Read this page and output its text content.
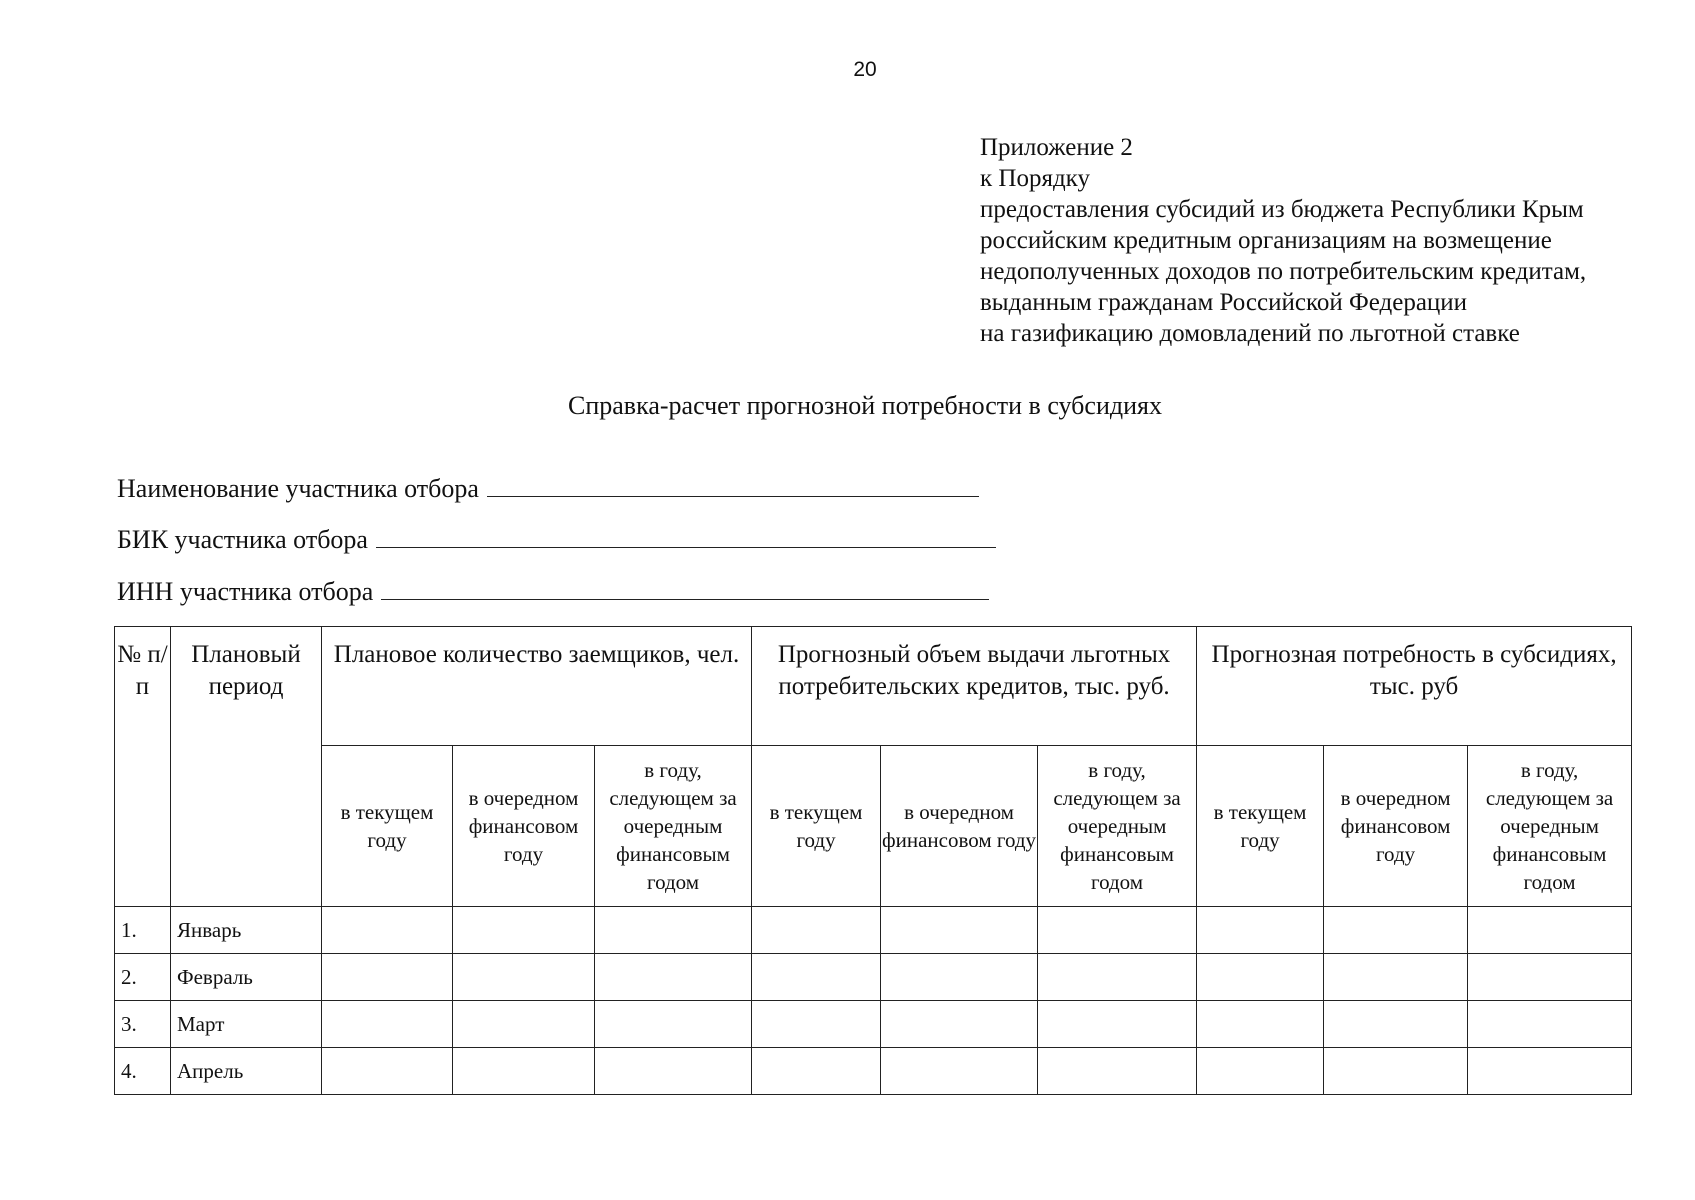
20
Приложение 2
к Порядку
предоставления субсидий из бюджета Республики Крым
российским кредитным организациям на возмещение
недополученных доходов по потребительским кредитам,
выданным гражданам Российской Федерации
на газификацию домовладений по льготной ставке
Справка-расчет прогнозной потребности в субсидиях
Наименование участника отбора
БИК участника отбора
ИНН участника отбора
№ п/п	Плановый период	Плановое количество заемщиков, чел.			Прогнозный объем выдачи льготных потребительских кредитов, тыс. руб.			Прогнозная потребность в субсидиях, тыс. руб		
		в текущем году	в очередном финансовом году	в году, следующем за очередным финансовым годом	в текущем году	в очередном финансовом году	в году, следующем за очередным финансовым годом	в текущем году	в очередном финансовом году	в году, следующем за очередным финансовым годом
1.	Январь									
2.	Февраль									
3.	Март									
4.	Апрель									
